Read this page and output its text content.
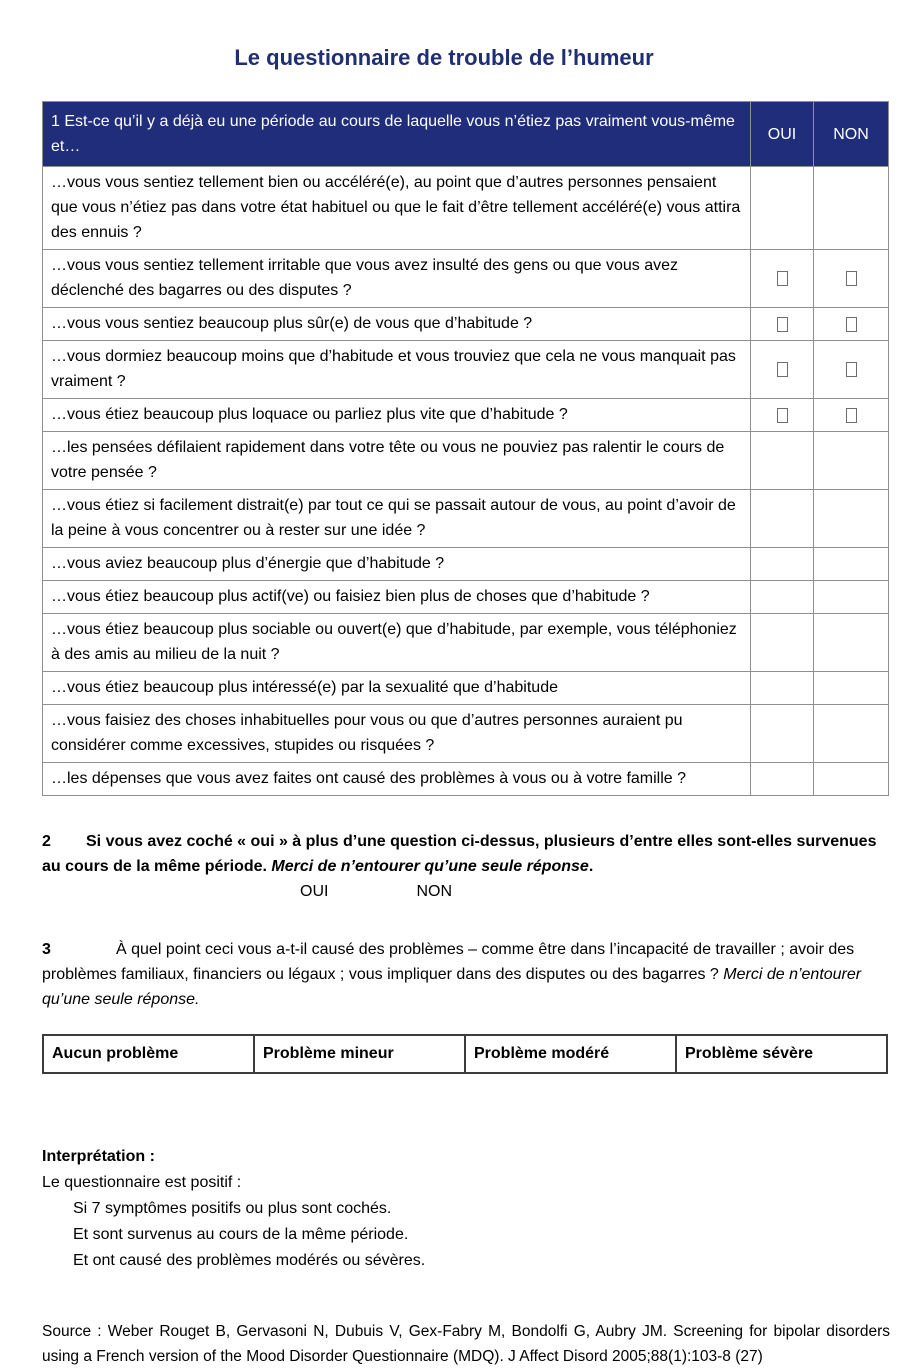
Le questionnaire de trouble de l’humeur
1 Est-ce qu’il y a déjà eu une période au cours de laquelle vous n’étiez pas vraiment vous-même et…	OUI	NON
…vous vous sentiez tellement bien ou accéléré(e), au point que d’autres personnes pensaient que vous n’étiez pas dans votre état habituel ou que le fait d’être tellement accéléré(e) vous attira des ennuis ?		
…vous vous sentiez tellement irritable que vous avez insulté des gens ou que vous avez déclenché des bagarres ou des disputes ?		
…vous vous sentiez beaucoup plus sûr(e) de vous que d’habitude ?		
…vous dormiez beaucoup moins que d’habitude et vous trouviez que cela ne vous manquait pas vraiment ?		
…vous étiez beaucoup plus loquace ou parliez plus vite que d’habitude ?		
…les pensées défilaient rapidement dans votre tête ou vous ne pouviez pas ralentir le cours de votre pensée ?		
…vous étiez si facilement distrait(e) par tout ce qui se passait autour de vous, au point d’avoir de la peine à vous concentrer ou à rester sur une idée ?		
…vous aviez beaucoup plus d’énergie que d’habitude ?		
…vous étiez beaucoup plus actif(ve) ou faisiez bien plus de choses que d’habitude ?		
…vous étiez beaucoup plus sociable ou ouvert(e) que d’habitude, par exemple, vous téléphoniez à des amis au milieu de la nuit ?		
…vous étiez beaucoup plus intéressé(e) par la sexualité que d’habitude		
…vous faisiez des choses inhabituelles pour vous ou que d’autres personnes auraient pu considérer comme excessives, stupides ou risquées ?		
…les dépenses que vous avez faites ont causé des problèmes à vous ou à votre famille ?		

2 Si vous avez coché « oui » à plus d’une question ci-dessus, plusieurs d’entre elles sont-elles survenues au cours de la même période. Merci de n’entourer qu’une seule réponse.

OUI	NON

3	À quel point ceci vous a-t-il causé des problèmes – comme être dans l’incapacité de travailler ; avoir des problèmes familiaux, financiers ou légaux ; vous impliquer dans des disputes ou des bagarres ? Merci de n’entourer qu’une seule réponse.

Aucun problème	Problème mineur	Problème modéré	Problème sévère
Interprétation :
Le questionnaire est positif :
Si 7 symptômes positifs ou plus sont cochés.
Et sont survenus au cours de la même période.
Et ont causé des problèmes modérés ou sévères.

Source : Weber Rouget B, Gervasoni N, Dubuis V, Gex-Fabry M, Bondolfi G, Aubry JM. Screening for bipolar disorders using a French version of the Mood Disorder Questionnaire (MDQ). J Affect Disord 2005;88(1):103-8 (27)
